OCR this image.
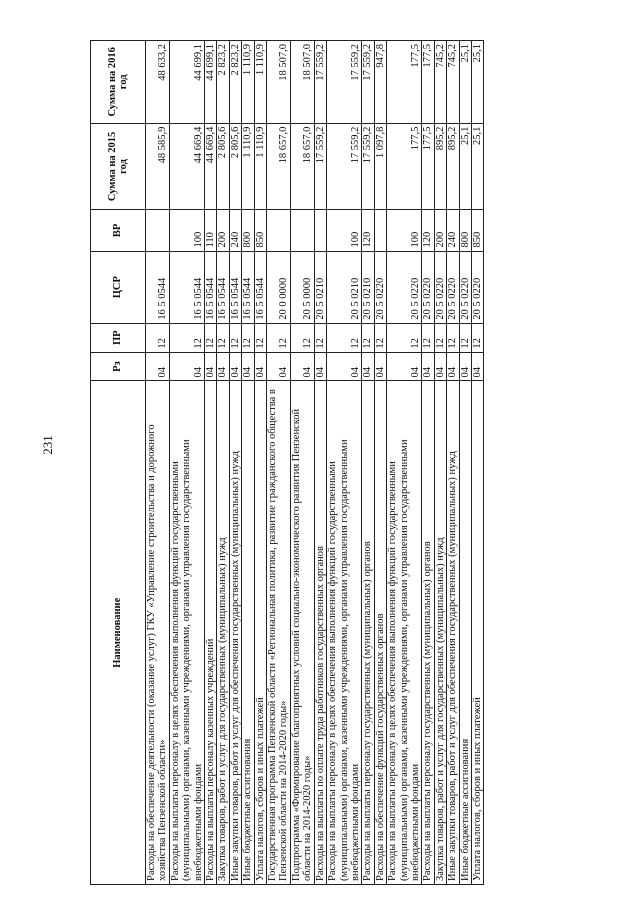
231
Наименование	Рз	ПР	ЦСР	ВР	Сумма на 2015 год	Сумма на 2016 год
Расходы на обеспечение деятельности (оказание услуг) ГКУ «Управление строительства и дорожного хозяйства Пензенской области»	04	12	16 5 0544		48 585,9	48 633,2
Расходы на выплаты персоналу в целях обеспечения выполнения функций государственными (муниципальными) органами, казенными учреждениями, органами управления государственными внебюджетными фондами	04	12	16 5 0544	100	44 669,4	44 699,1
Расходы на выплаты персоналу казенных учреждений	04	12	16 5 0544	110	44 669,4	44 699,1
Закупка товаров, работ и услуг для государственных (муниципальных) нужд	04	12	16 5 0544	200	2 805,6	2 823,2
Иные закупки товаров, работ и услуг для обеспечения государственных (муниципальных) нужд	04	12	16 5 0544	240	2 805,6	2 823,2
Иные бюджетные ассигнования	04	12	16 5 0544	800	1 110,9	1 110,9
Уплата налогов, сборов и иных платежей	04	12	16 5 0544	850	1 110,9	1 110,9
Государственная программа Пензенской области «Региональная политика, развитие гражданского общества в Пензенской области на 2014-2020 годы»	04	12	20 0 0000		18 657,0	18 507,0
Подпрограмма «Формирование благоприятных условий социально-экономического развития Пензенской области на 2014-2020 годы»	04	12	20 5 0000		18 657,0	18 507,0
Расходы на выплаты по оплате труда работников государственных органов	04	12	20 5 0210		17 559,2	17 559,2
Расходы на выплаты персоналу в целях обеспечения выполнения функций государственными (муниципальными) органами, казенными учреждениями, органами управления государственными внебюджетными фондами	04	12	20 5 0210	100	17 559,2	17 559,2
Расходы на выплаты персоналу государственных (муниципальных) органов	04	12	20 5 0210	120	17 559,2	17 559,2
Расходы на обеспечение функций государственных органов	04	12	20 5 0220		1 097,8	947,8
Расходы на выплаты персоналу в целях обеспечения выполнения функций государственными (муниципальными) органами, казенными учреждениями, органами управления государственными внебюджетными фондами	04	12	20 5 0220	100	177,5	177,5
Расходы на выплаты персоналу государственных (муниципальных) органов	04	12	20 5 0220	120	177,5	177,5
Закупка товаров, работ и услуг для государственных (муниципальных) нужд	04	12	20 5 0220	200	895,2	745,2
Иные закупки товаров, работ и услуг для обеспечения государственных (муниципальных) нужд	04	12	20 5 0220	240	895,2	745,2
Иные бюджетные ассигнования	04	12	20 5 0220	800	25,1	25,1
Уплата налогов, сборов и иных платежей	04	12	20 5 0220	850	25,1	25,1
